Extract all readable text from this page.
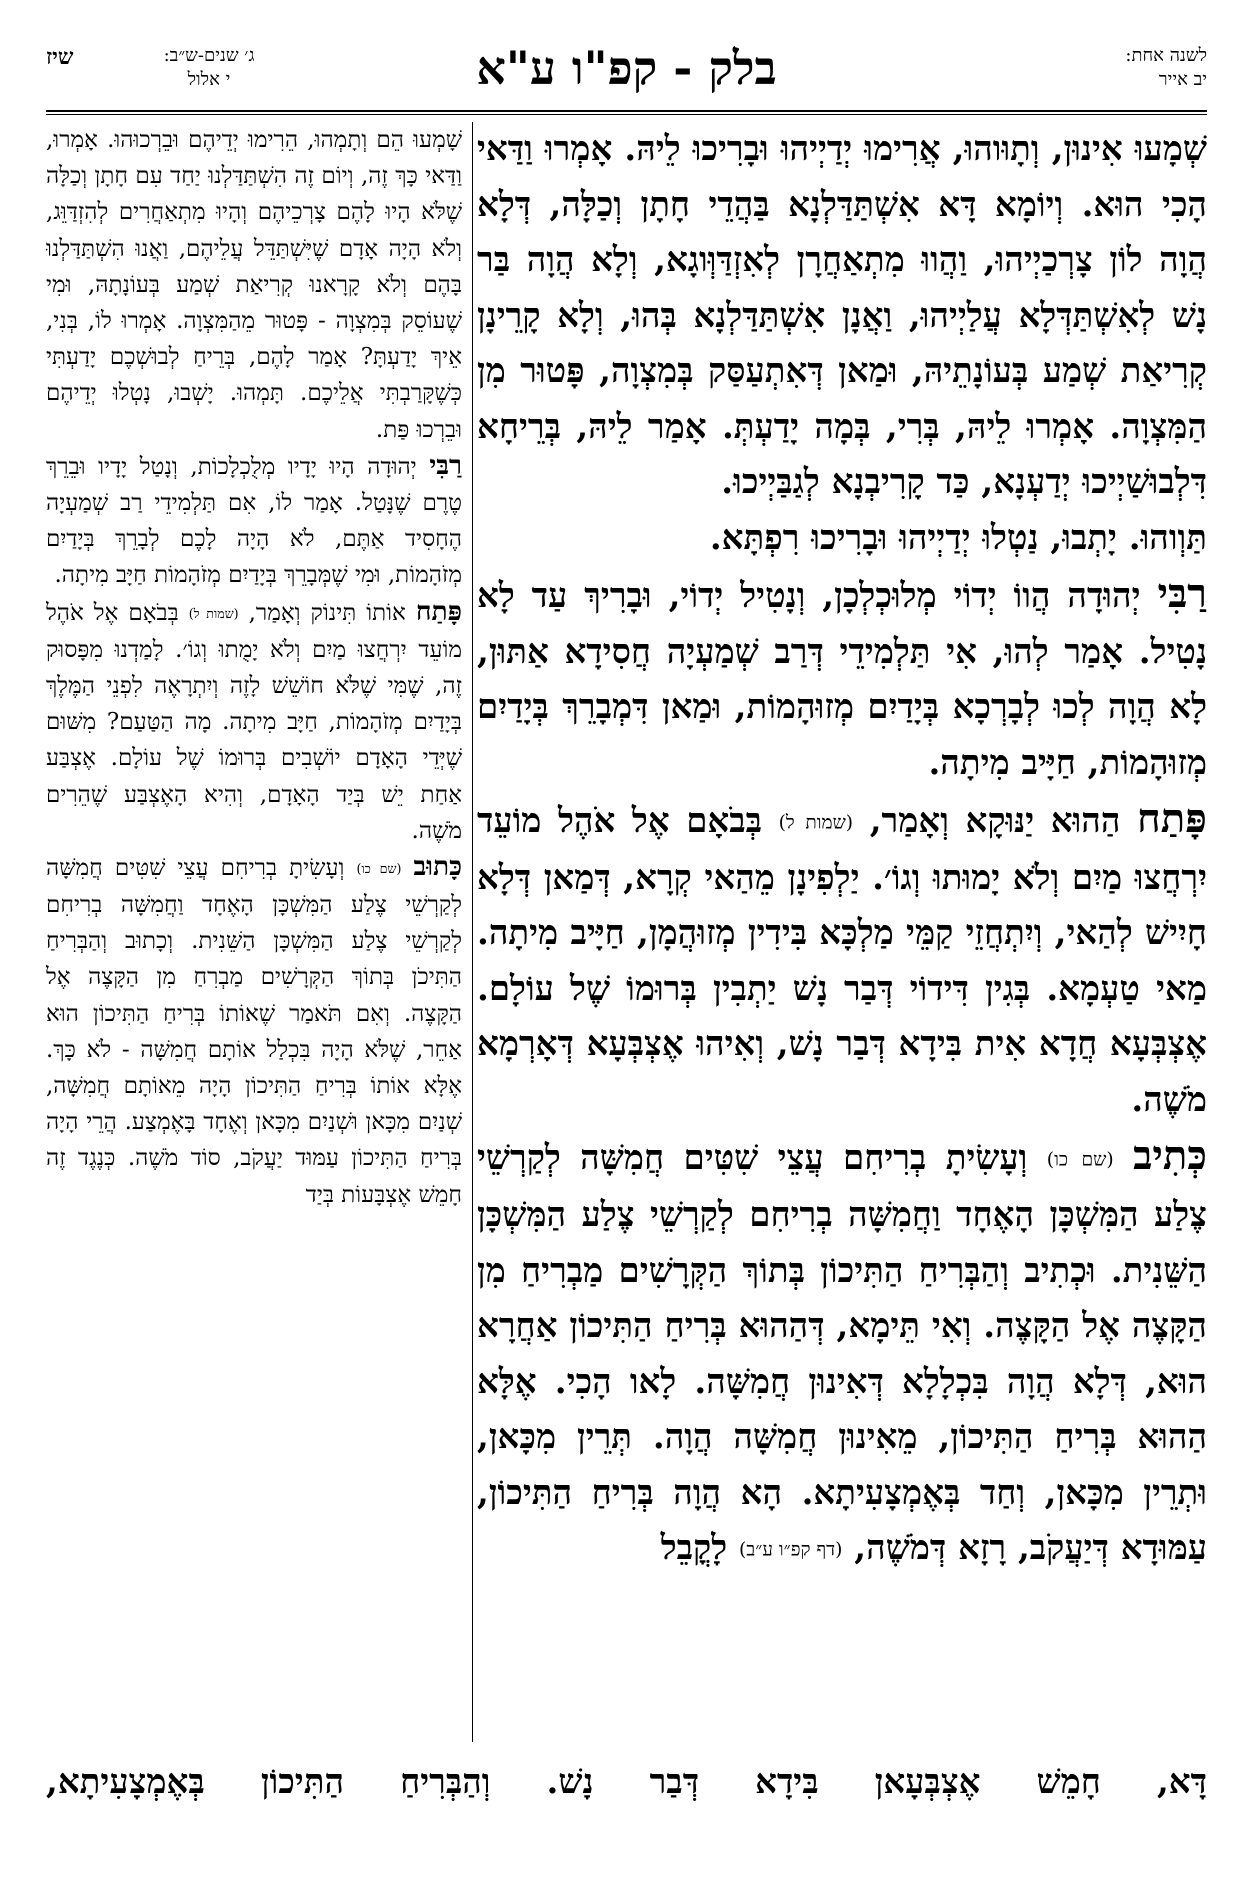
שיז	ג׳ שנים-ש״ב:
י אלול	בלק - קפ"ו ע"א	לשנה אחת:
יב אייר

שְׁמָעוּ אִינוּן, וְתָוּוהוּ, אֲרִימוּ יְדַיְיהוּ וּבָרִיכוּ לֵיהּ. אָמְרוּ וַדַּאי הָכִי הוּא. וְיוֹמָא דָּא אִשְׁתַּדַּלְנָא בַּהֲדֵי חָתָן וְכַלָּה, דְּלָא הֲוָה לוֹן צָרְכַיְיהוּ, וַהֲווּ מִתְאַחֲרָן לְאִזְדַּוְּוגָא, וְלָא הֲוָה בַּר נָשׁ לְאִשְׁתַּדְּלָא עֲלַיְיהוּ, וַאֲנָן אִשְׁתַּדַּלְנָא בְּהוּ, וְלָא קָרֵינָן קְרִיאַת שְׁמַע בְּעוֹנָתֵיהּ, וּמַאן דְּאִתְעַסַּק בְּמִצְוָה, פָּטוּר מִן הַמִּצְוָה. אָמְרוּ לֵיהּ, בְּרִי, בְּמָה יָדַעְתְּ. אָמַר לֵיהּ, בְּרֵיחָא דִּלְבוּשַׁיְיכוּ יְדַעְנָא, כַּד קָרִיבְנָא לְגַבַּיְיכוּ.

תַּוְוהוּ. יָתְבוּ, נַטְלוּ יְדַיְיהוּ וּבָרִיכוּ רִפְתָּא.

רַבִּי יְהוּדָה הֲווֹ יְדוֹי מְלוּכְלְכָן, וְנָטִיל יְדוֹי, וּבָרִיךְ עַד לָא נָטִיל. אָמַר לְהוּ, אִי תַּלְמִידֵי דְּרַב שְׁמַעְיָה חֲסִידָא אַתּוּן, לָא הֲוָה לְכוּ לְבָרְכָא בְּיָדַיִם מְזוּהָמוֹת, וּמַאן דִּמְבָרֵךְ בְּיָדַיִם מְזוּהָמוֹת, חַיָּיב מִיתָה.

פָּתַח הַהוּא יַנּוּקָא וְאָמַר, (שמות ל) בְּבֹאָם אֶל אֹהֶל מוֹעֵד יִרְחֲצוּ מַיִם וְלֹא יָמוּתוּ וְגוֹ׳. יַלְפִינָן מֵהַאי קְרָא, דְּמַאן דְּלָא חָיִישׁ לְהַאי, וְיִתְחֲזֵי קַמֵּי מַלְכָּא בִּידִין מְזוּהֲמָן, חַיָּיב מִיתָה. מַאי טַעְמָא. בְּגִין דִּידוֹי דְּבַר נָשׁ יַתְבִין בְּרוּמוֹ שֶׁל עוֹלָם. אֶצְבְּעָא חֲדָא אִית בִּידָא דְּבַר נָשׁ, וְאִיהוּ אֶצְבְּעָא דְּאָרְמָא מֹשֶׁה.

כְּתִיב (שם כו) וְעָשִׂיתָ בְרִיחִם עֲצֵי שִׁטִּים חֲמִשָּׁה לְקַרְשֵׁי צֶלַע הַמִּשְׁכָּן הָאֶחָד וַחֲמִשָּׁה בְרִיחִם לְקַרְשֵׁי צֶלַע הַמִּשְׁכָּן הַשֵּׁנִית. וּכְתִיב וְהַבְּרִיחַ הַתִּיכוֹן בְּתוֹךְ הַקְּרָשִׁים מַבְרִיחַ מִן הַקָּצֶה אֶל הַקָּצֶה. וְאִי תֵּימָא, דְּהַהוּא בְּרִיחַ הַתִּיכוֹן אַחֲרָא הוּא, דְּלָא הֲוָה בִּכְלָלָא דְּאִינוּן חֲמִשָּׁה. לָאו הָכִי. אֶלָּא הַהוּא בְּרִיחַ הַתִּיכוֹן, מֵאִינוּן חֲמִשָּׁה הֲוָה. תְּרֵין מִכָּאן, וּתְרֵין מִכָּאן, וְחַד בְּאֶמְצָעִיתָא. הָא הֲוָה בְּרִיחַ הַתִּיכוֹן, עַמּוּדָא דְּיַעֲקֹב, רָזָא דְּמֹשֶׁה, (דף קפ״ו ע״ב) לָקֳבֵל

שָׁמְעוּ הֵם וְתָמְהוּ, הֵרִימוּ יְדֵיהֶם וּבֵרְכוּהוּ. אָמְרוּ, וַדַּאי כָּךְ זֶה, וְיוֹם זֶה הִשְׁתַּדַּלְנוּ יַחַד עִם חָתָן וְכַלָּה שֶׁלֹּא הָיוּ לָהֶם צָרְכֵיהֶם וְהָיוּ מִתְאַחֲרִים לְהִזְדַּוֵּג, וְלֹא הָיָה אָדָם שֶׁיִּשְׁתַּדֵּל עֲלֵיהֶם, וַאֲנוּ הִשְׁתַּדַּלְנוּ בָּהֶם וְלֹא קָרָאנוּ קְרִיאַת שְׁמַע בְּעוֹנָתָהּ, וּמִי שֶׁעוֹסֵק בְּמִצְוָה - פָּטוּר מֵהַמִּצְוָה. אָמְרוּ לוֹ, בְּנִי, אֵיךְ יָדַעְתָּ? אָמַר לָהֶם, בְּרֵיחַ לְבוּשְׁכֶם יָדַעְתִּי כְּשֶׁקָּרַבְתִּי אֲלֵיכֶם. תָּמְהוּ. יָשְׁבוּ, נָטְלוּ יְדֵיהֶם וּבֵרְכוּ פַּת.

רַבִּי יְהוּדָה הָיוּ יָדָיו מְלֻכְלָכוֹת, וְנָטַל יָדָיו וּבֵרֵךְ טֶרֶם שֶׁנָּטַל. אָמַר לוֹ, אִם תַּלְמִידֵי רַב שְׁמַעְיָה הֶחָסִיד אַתֶּם, לֹא הָיָה לָכֶם לְבָרֵךְ בְּיָדַיִם מְזֹהָמוֹת, וּמִי שֶׁמְּבָרֵךְ בְּיָדַיִם מְזֹהָמוֹת חַיָּב מִיתָה.

פָּתַח אוֹתוֹ תִּינוֹק וְאָמַר, (שמות ל) בְּבֹאָם אֶל אֹהֶל מוֹעֵד יִרְחֲצוּ מַיִם וְלֹא יָמֻתוּ וְגוֹ׳. לָמַדְנוּ מִפָּסוּק זֶה, שֶׁמִּי שֶׁלֹּא חוֹשֵׁשׁ לָזֶה וְיִתְרָאֶה לִפְנֵי הַמֶּלֶךְ בְּיָדַיִם מְזֹהָמוֹת, חַיָּב מִיתָה. מָה הַטַּעַם? מִשּׁוּם שֶׁיְּדֵי הָאָדָם יוֹשְׁבִים בְּרוּמוֹ שֶׁל עוֹלָם. אֶצְבַּע אַחַת יֵשׁ בְּיַד הָאָדָם, וְהִיא הָאֶצְבַּע שֶׁהֵרִים מֹשֶׁה.

כָּתוּב (שם כו) וְעָשִׂיתָ בְרִיחִם עֲצֵי שִׁטִּים חֲמִשָּׁה לְקַרְשֵׁי צֶלַע הַמִּשְׁכָּן הָאֶחָד וַחֲמִשָּׁה בְרִיחִם לְקַרְשֵׁי צֶלַע הַמִּשְׁכָּן הַשֵּׁנִית. וְכָתוּב וְהַבְּרִיחַ הַתִּיכֹן בְּתוֹךְ הַקְּרָשִׁים מַבְרִחַ מִן הַקָּצֶה אֶל הַקָּצֶה. וְאִם תֹּאמַר שֶׁאוֹתוֹ בְּרִיחַ הַתִּיכוֹן הוּא אַחֵר, שֶׁלֹּא הָיָה בִּכְלַל אוֹתָם חֲמִשָּׁה - לֹא כָּךְ. אֶלָּא אוֹתוֹ בְּרִיחַ הַתִּיכוֹן הָיָה מֵאוֹתָם חֲמִשָּׁה, שְׁנַיִם מִכָּאן וּשְׁנַיִם מִכָּאן וְאֶחָד בָּאֶמְצַע. הֲרֵי הָיָה בְּרִיחַ הַתִּיכוֹן עַמּוּד יַעֲקֹב, סוֹד מֹשֶׁה. כְּנֶגֶד זֶה חָמֵשׁ אֶצְבָּעוֹת בְּיַד

דָּא, חָמֵשׁ אֶצְבְּעָאן בִּידָא דְּבַר נָשׁ. וְהַבְּרִיחַ הַתִּיכוֹן בְּאֶמְצָעִיתָא,
